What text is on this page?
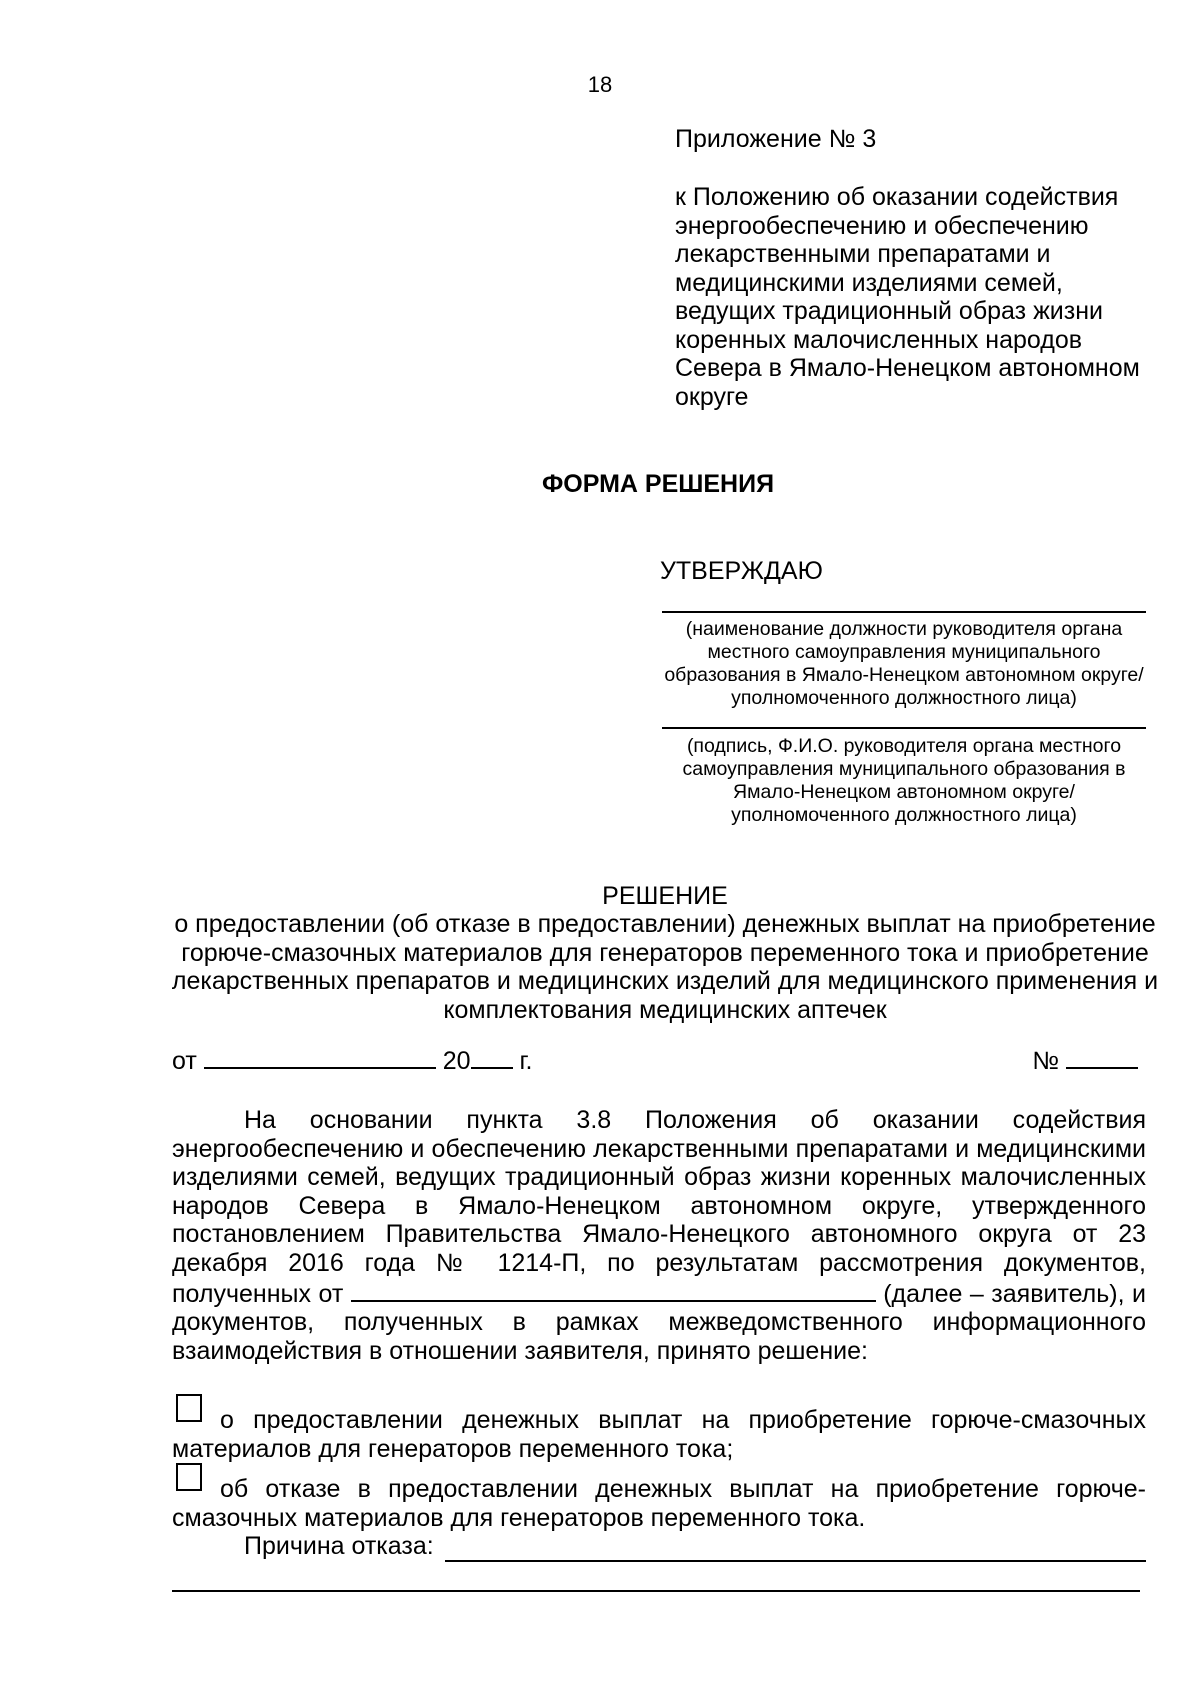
18
Приложение № 3
к Положению об оказании содействия энергообеспечению и обеспечению лекарственными препаратами и медицинскими изделиями семей, ведущих традиционный образ жизни коренных малочисленных народов Севера в Ямало-Ненецком автономном округе
ФОРМА РЕШЕНИЯ
УТВЕРЖДАЮ
(наименование должности руководителя органа местного самоуправления муниципального образования в Ямало-Ненецком автономном округе/уполномоченного должностного лица)
(подпись, Ф.И.О. руководителя органа местного самоуправления муниципального образования в Ямало-Ненецком автономном округе/ уполномоченного должностного лица)
РЕШЕНИЕ
о предоставлении (об отказе в предоставлении) денежных выплат на приобретение горюче-смазочных материалов для генераторов переменного тока и приобретение лекарственных препаратов и медицинских изделий для медицинского применения и комплектования медицинских аптечек
от	20 г.	№
На основании пункта 3.8 Положения об оказании содействия энергообеспечению и обеспечению лекарственными препаратами и медицинскими изделиями семей, ведущих традиционный образ жизни коренных малочисленных народов Севера в Ямало-Ненецком автономном округе, утвержденного постановлением Правительства Ямало-Ненецкого автономного округа от 23 декабря 2016 года № 1214-П, по результатам рассмотрения документов, полученных от	(далее – заявитель), и документов, полученных в рамках межведомственного информационного взаимодействия в отношении заявителя, принято решение:
о предоставлении денежных выплат на приобретение горюче-смазочных материалов для генераторов переменного тока;
об отказе в предоставлении денежных выплат на приобретение горюче-смазочных материалов для генераторов переменного тока.
Причина отказа:
